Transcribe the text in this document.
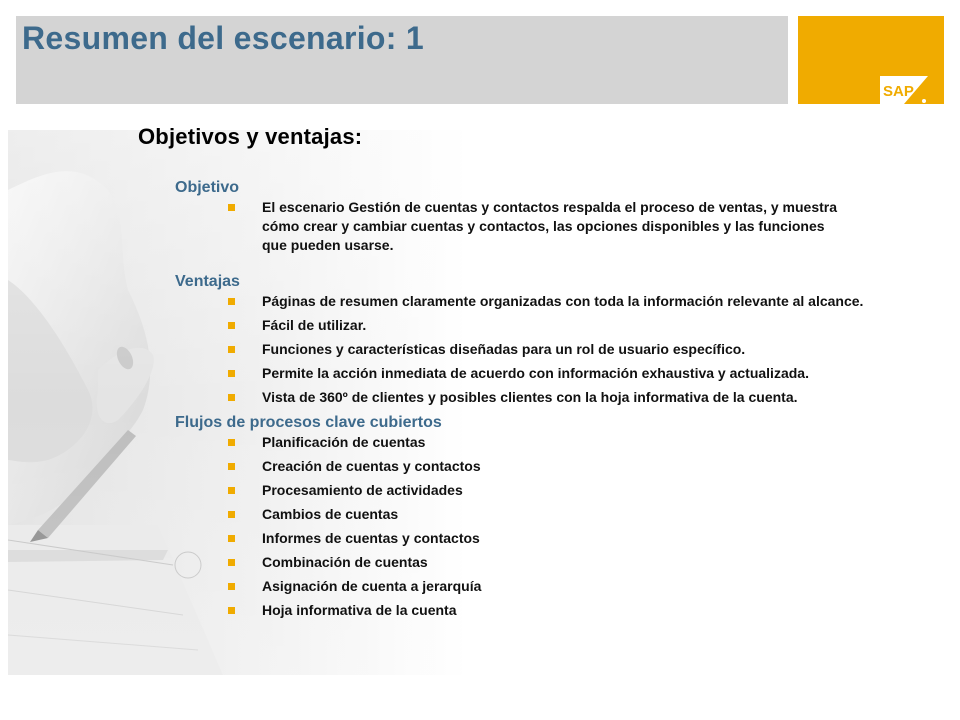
Resumen del escenario: 1
SAP
Objetivos y ventajas:
Objetivo
El escenario Gestión de cuentas y contactos respalda el proceso de ventas, y muestra cómo crear y cambiar cuentas y contactos, las opciones disponibles y las funciones que pueden usarse.
Ventajas
Páginas de resumen claramente organizadas con toda la información relevante al alcance.
Fácil de utilizar.
Funciones y características diseñadas para un rol de usuario específico.
Permite la acción inmediata de acuerdo con información exhaustiva y actualizada.
Vista de 360º de clientes y posibles clientes con la hoja informativa de la cuenta.
Flujos de procesos clave cubiertos
Planificación de cuentas
Creación de cuentas y contactos
Procesamiento de actividades
Cambios de cuentas
Informes de cuentas y contactos
Combinación de cuentas
Asignación de cuenta a jerarquía
Hoja informativa de la cuenta
